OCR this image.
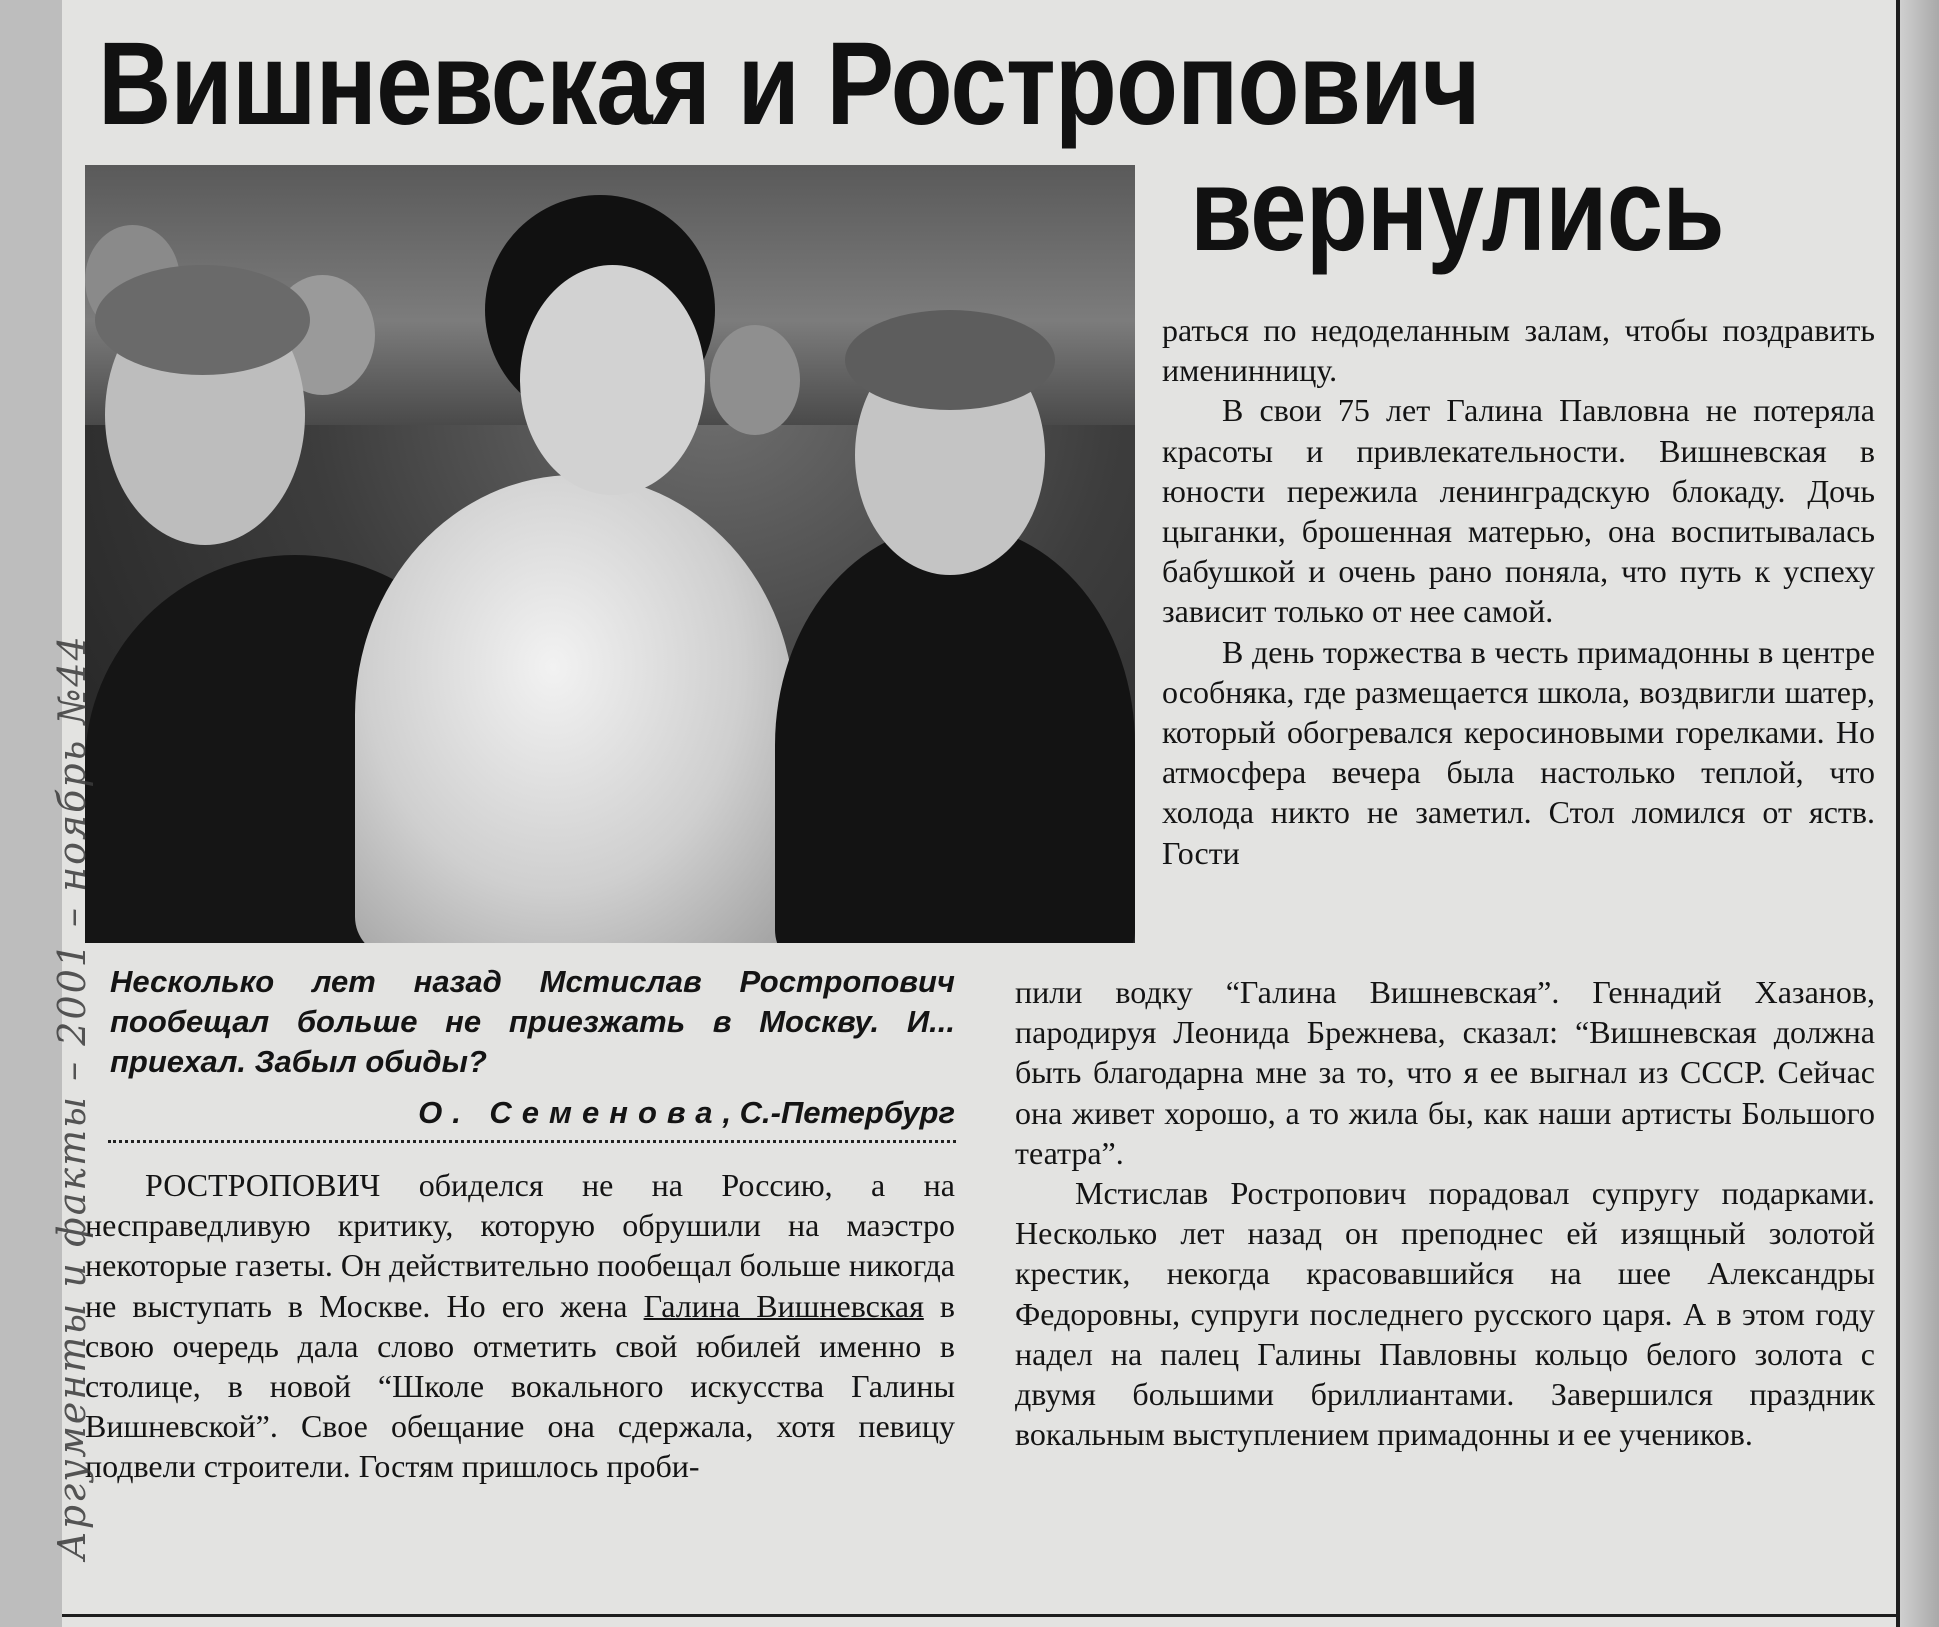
Вишневская и Ростропович
вернулись
Несколько лет назад Мстислав Ростропович пообещал больше не приезжать в Москву. И... приехал. Забыл обиды?
О. Семенова, С.-Петербург

РОСТРОПОВИЧ обиделся не на Россию, а на несправедливую критику, которую обрушили на маэстро некоторые газеты. Он действительно пообещал больше никогда не выступать в Москве. Но его жена Галина Вишневская в свою очередь дала слово отметить свой юбилей именно в столице, в новой “Школе вокального искусства Галины Вишневской”. Свое обещание она сдержала, хотя певицу подвели строители. Гостям пришлось проби-

раться по недоделанным залам, чтобы поздравить именинницу.

В свои 75 лет Галина Павловна не потеряла красоты и привлекательности. Вишневская в юности пережила ленинградскую блокаду. Дочь цыганки, брошенная матерью, она воспитывалась бабушкой и очень рано поняла, что путь к успеху зависит только от нее самой.

В день торжества в честь примадонны в центре особняка, где размещается школа, воздвигли шатер, который обогревался керосиновыми горелками. Но атмосфера вечера была настолько теплой, что холода никто не заметил. Стол ломился от яств. Гости

пили водку “Галина Вишневская”. Геннадий Хазанов, пародируя Леонида Брежнева, сказал: “Вишневская должна быть благодарна мне за то, что я ее выгнал из СССР. Сейчас она живет хорошо, а то жила бы, как наши артисты Большого театра”.

Мстислав Ростропович порадовал супругу подарками. Несколько лет назад он преподнес ей изящный золотой крестик, некогда красовавшийся на шее Александры Федоровны, супруги последнего русского царя. А в этом году надел на палец Галины Павловны кольцо белого золота с двумя большими бриллиантами. Завершился праздник вокальным выступлением примадонны и ее учеников.

Аргументы и факты – 2001 – ноябрь №44
